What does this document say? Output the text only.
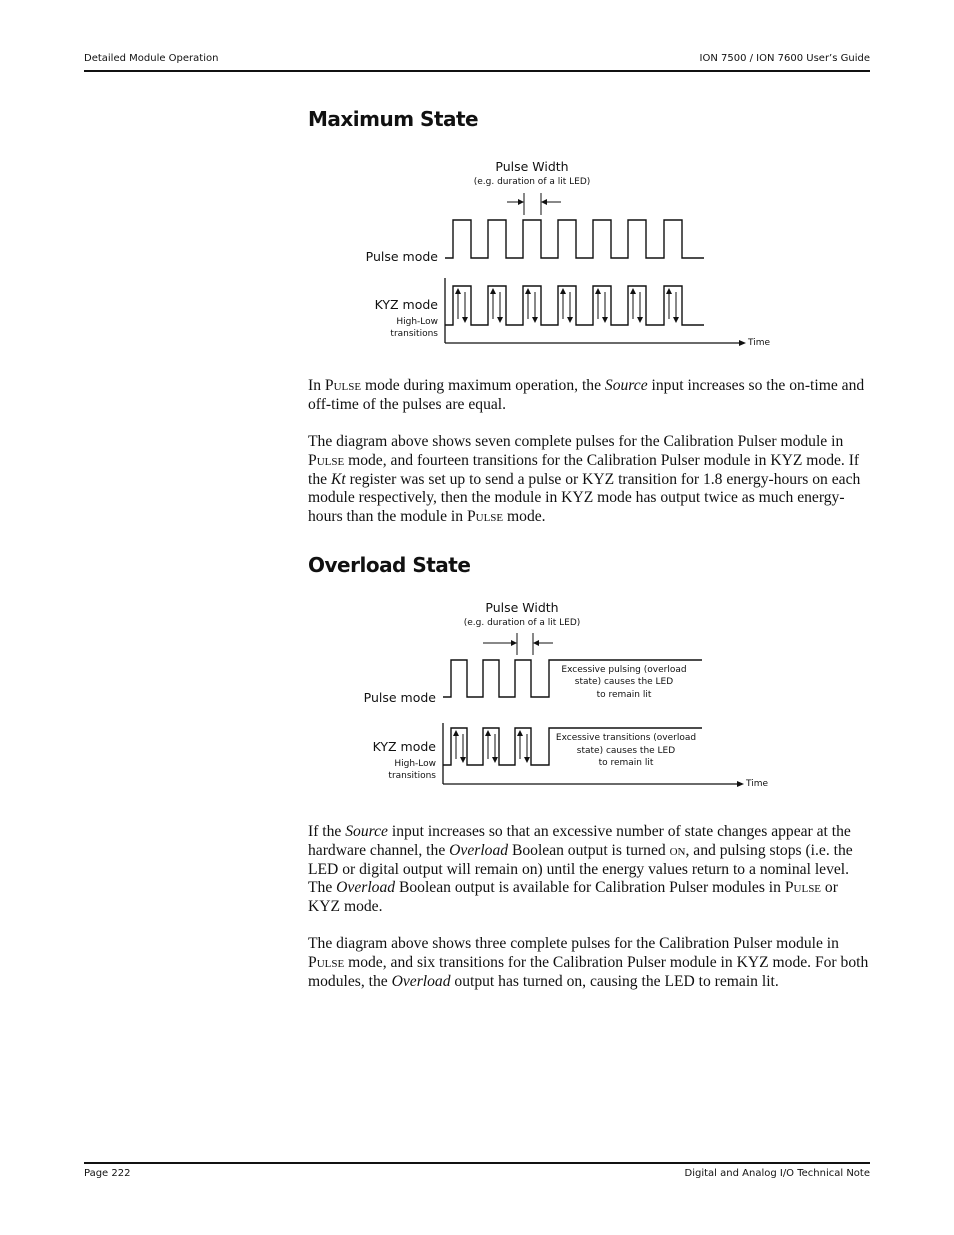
Detailed Module Operation	ION 7500 / ION 7600 User’s Guide
Maximum State
Pulse Width
(e.g. duration of a lit LED)
Pulse mode
KYZ mode
High-Low
transitions
Time

In Pulse mode during maximum operation, the Source input increases so the on-time and off-time of the pulses are equal.

The diagram above shows seven complete pulses for the Calibration Pulser module in Pulse mode, and fourteen transitions for the Calibration Pulser module in KYZ mode. If the Kt register was set up to send a pulse or KYZ transition for 1.8 energy-hours on each module respectively, then the module in KYZ mode has output twice as much energy-hours than the module in Pulse mode.

Overload State
Pulse Width
(e.g. duration of a lit LED)
Pulse mode
Excessive pulsing (overload
state) causes the LED
to remain lit
KYZ mode
High-Low
transitions
Excessive transitions (overload
state) causes the LED
to remain lit
Time

If the Source input increases so that an excessive number of state changes appear at the hardware channel, the Overload Boolean output is turned on, and pulsing stops (i.e. the LED or digital output will remain on) until the energy values return to a nominal level. The Overload Boolean output is available for Calibration Pulser modules in Pulse or KYZ mode.

The diagram above shows three complete pulses for the Calibration Pulser module in Pulse mode, and six transitions for the Calibration Pulser module in KYZ mode. For both modules, the Overload output has turned on, causing the LED to remain lit.

Page 222	Digital and Analog I/O Technical Note
